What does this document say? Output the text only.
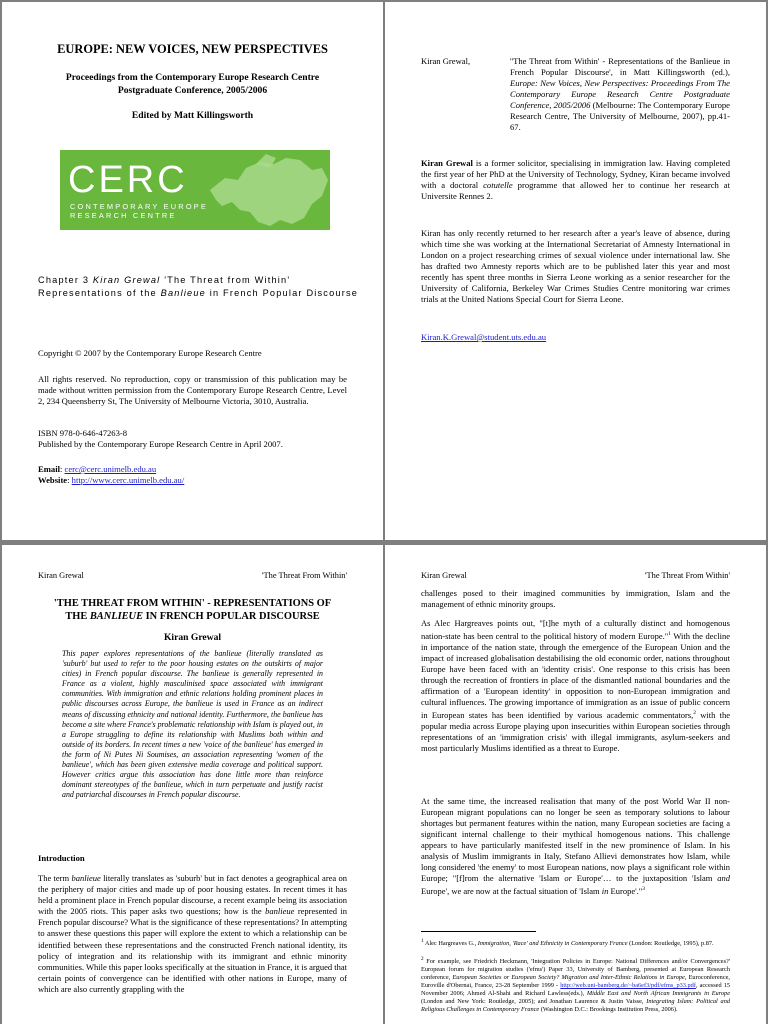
EUROPE: NEW VOICES, NEW PERSPECTIVES
Proceedings from the Contemporary Europe Research Centre
Postgraduate Conference, 2005/2006
Edited by Matt Killingsworth
CERC
CONTEMPORARY EUROPE
RESEARCH CENTRE
Chapter 3 Kiran Grewal 'The Threat from Within' Representations of the Banlieue in French Popular Discourse
Copyright © 2007 by the Contemporary Europe Research Centre
All rights reserved. No reproduction, copy or transmission of this publication may be made without written permission from the Contemporary Europe Research Centre, Level 2, 234 Queensberry St, The University of Melbourne Victoria, 3010, Australia.
ISBN 978-0-646-47263-8
Published by the Contemporary Europe Research Centre in April 2007.
Email: cerc@cerc.unimelb.edu.au
Website: http://www.cerc.unimelb.edu.au/
Kiran Grewal,	''The Threat from Within' - Representations of the Banlieue in French Popular Discourse', in Matt Killingsworth (ed.), Europe: New Voices, New Perspectives: Proceedings From The Contemporary Europe Research Centre Postgraduate Conference, 2005/2006 (Melbourne: The Contemporary Europe Research Centre, The University of Melbourne, 2007), pp.41-67.
Kiran Grewal is a former solicitor, specialising in immigration law. Having completed the first year of her PhD at the University of Technology, Sydney, Kiran became involved with a doctoral cotutelle programme that allowed her to continue her research at Universite Rennes 2.
Kiran has only recently returned to her research after a year's leave of absence, during which time she was working at the International Secretariat of Amnesty International in London on a project researching crimes of sexual violence under international law. She has drafted two Amnesty reports which are to be published later this year and most recently has spent three months in Sierra Leone working as a senior researcher for the University of California, Berkeley War Crimes Studies Centre monitoring war crimes trials at the United Nations Special Court for Sierra Leone.
Kiran.K.Grewal@student.uts.edu.au
Kiran Grewal	'The Threat From Within'
'THE THREAT FROM WITHIN' - REPRESENTATIONS OF
THE BANLIEUE IN FRENCH POPULAR DISCOURSE
Kiran Grewal
This paper explores representations of the banlieue (literally translated as 'suburb' but used to refer to the poor housing estates on the outskirts of major cities) in French popular discourse. The banlieue is generally represented in France as a violent, highly masculinised space associated with immigrant communities. With immigration and ethnic relations holding prominent places in public discourses across Europe, the banlieue is used in France as an indirect means of discussing ethnicity and national identity. Furthermore, the banlieue has become a site where France's problematic relationship with Islam is played out, in a Europe struggling to define its relationship with Muslims both within and outside of its borders. In recent times a new 'voice of the banlieue' has emerged in the form of Ni Putes Ni Soumises, an association representing 'women of the banlieue', which has been given extensive media coverage and political support. However critics argue this association has done little more than reinforce dominant stereotypes of the banlieue, which in turn perpetuate and justify racist and patriarchal discourses in French popular discourse.
Introduction
The term banlieue literally translates as 'suburb' but in fact denotes a geographical area on the periphery of major cities and made up of poor housing estates. In recent times it has held a prominent place in French popular discourse, a recent example being its association with the 2005 riots. This paper asks two questions; how is the banlieue represented in French popular discourse? What is the significance of these representations? In attempting to answer these questions this paper will explore the extent to which a relationship can be identified between these representations and the constructed French national identity, its policy of integration and its relationship with its immigrant and ethnic minority communities. While this paper looks specifically at the situation in France, it is argued that certain points of convergence can be identified with other nations in Europe, many of which are also currently grappling with the
Kiran Grewal	'The Threat From Within'
challenges posed to their imagined communities by immigration, Islam and the management of ethnic minority groups.
As Alec Hargreaves points out, "[t]he myth of a culturally distinct and homogenous nation-state has been central to the political history of modern Europe."$^1$ With the decline in importance of the nation state, through the emergence of the European Union and the impact of increased globalisation destabilising the old economic order, nations throughout Europe have been faced with an 'identity crisis'. One response to this crisis has been through the recreation of frontiers in place of the dismantled national boundaries and the affirmation of a 'European identity' in opposition to non-European immigration and cultural influences. The growing importance of immigration as an issue of public concern in European states has been identified by various academic commentators,$^2$ with the popular media across Europe playing upon insecurities within European societies through representations of an 'immigration crisis' with illegal immigrants, asylum-seekers and most particularly Muslims identified as a threat to Europe.
At the same time, the increased realisation that many of the post World War II non-European migrant populations can no longer be seen as temporary solutions to labour shortages but permanent features within the nation, many European societies are facing a significant internal challenge to their mythical homogenous nations. This challenge appears to have particularly manifested itself in the new prominence of Islam. In his analysis of Muslim immigrants in Italy, Stefano Allievi demonstrates how Islam, while long considered 'the enemy' to most European nations, now plays a significant role within Europe; "[f]rom the alternative 'Islam or Europe'… to the juxtaposition 'Islam and Europe', we are now at the factual situation of 'Islam in Europe'."$^3$
$^1$ Alec Hargreaves G., Immigration, 'Race' and Ethnicity in Contemporary France (London: Routledge, 1995), p.87.
$^2$ For example, see Friedrich Heckmann, 'Integration Policies in Europe: National Differences and/or Convergences?' European forum for migration studies ('efms') Paper 33, University of Bamberg, presented at European Research conference, European Societies or European Society? Migration and Inter-Ethnic Relations in Europe, Euroconference, Euroville d'Obernai, France, 23-28 September 1999 - http://web.uni-bamberg.de/~ba6ef3/pdf/efms_p33.pdf, accessed 15 November 2006; Ahmed Al-Shahi and Richard Lawless(eds.), Middle East and North African Immigrants in Europe (London and New York: Routledge, 2005); and Jonathan Laurence & Justin Vaisse, Integrating Islam: Political and Religious Challenges in Contemporary France (Washington D.C.: Brookings Institution Press, 2006).
